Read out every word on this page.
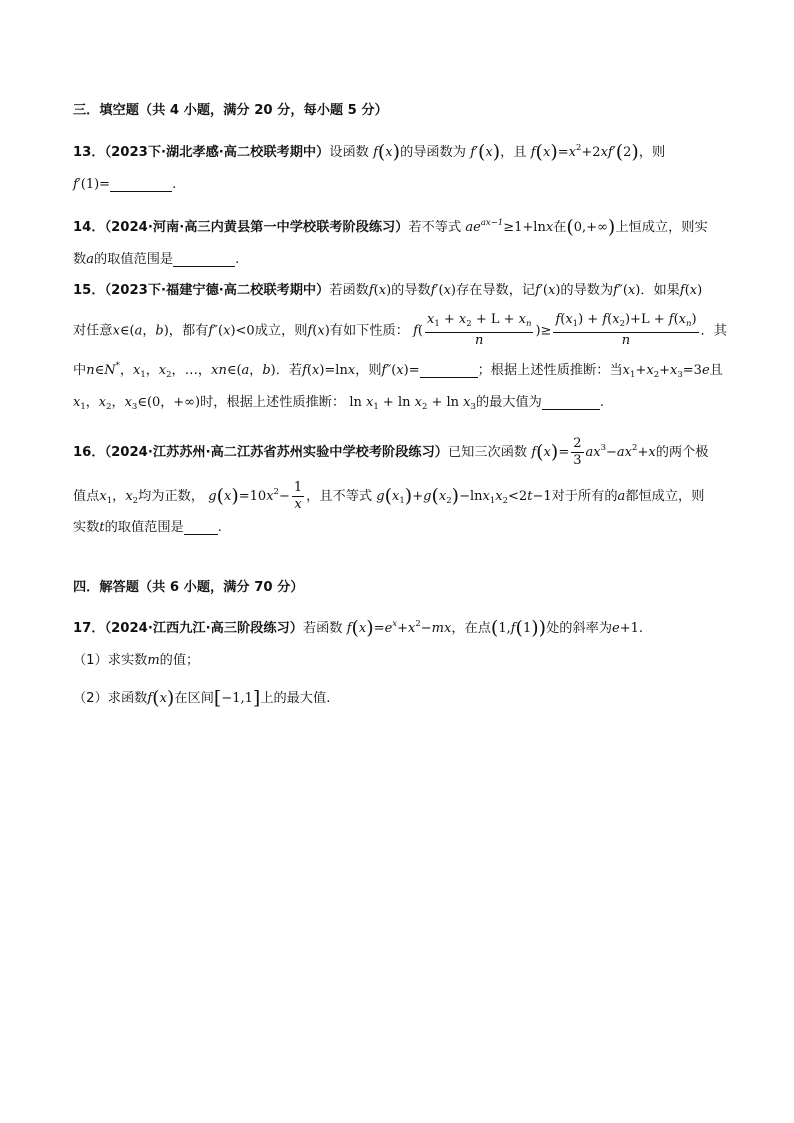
三．填空题（共 4 小题，满分 20 分，每小题 5 分）
13．（2023下·湖北孝感·高二校联考期中）设函数 f(x)的导函数为 f′(x)，且 $f(x)=x^2+2xf'(2)$，则
f′(1)=	.
14．（2024·河南·高三内黄县第一中学校联考阶段练习）若不等式 $ae^{ax-1}\ge 1+\ln x$在(0,+∞)上恒成立，则实
数a的取值范围是	.
15．（2023下·福建宁德·高二校联考期中）若函数f(x)的导数f′(x)存在导数，记f′(x)的导数为f″(x)．如果f(x)
对任意x∈(a，b)，都有f″(x)<0成立，则f(x)有如下性质： $f( \frac{x_1 + x_2 + L + x_n}{n}$ )≥ $\frac{f(x_1) + f(x_2)+L + f(x_n)}{n}$ ．其
中n∈N*，$x_1$，$x_2$，…，xn∈(a，b)．若f(x)=lnx，则f″(x)=	；根据上述性质推断：当$x_1+x_2+x_3=3e$且
$x_1$，$x_2$，$x_3\in(0$，+∞)时，根据上述性质推断： $\ln x_1 + \ln x_2 + \ln x_3$的最大值为	.
16．（2024·江苏苏州·高二江苏省苏州实验中学校考阶段练习）已知三次函数 $f(x)= \frac{2}{3} ax^3-ax^2+x$的两个极
值点$x_1$，$x_2$均为正数， $g(x)=10x^2- \frac{1}{x}$ ，且不等式 $g(x_1)+g(x_2)-\ln x_1x_2<2t-1$对于所有的a都恒成立，则
实数t的取值范围是	.
四．解答题（共 6 小题，满分 70 分）
17．（2024·江西九江·高三阶段练习）若函数 $f(x)=e^x+x^2-mx$，在点(1,f(1))处的斜率为e+1.
（1）求实数m的值；
（2）求函数f(x)在区间[−1,1]上的最大值.
